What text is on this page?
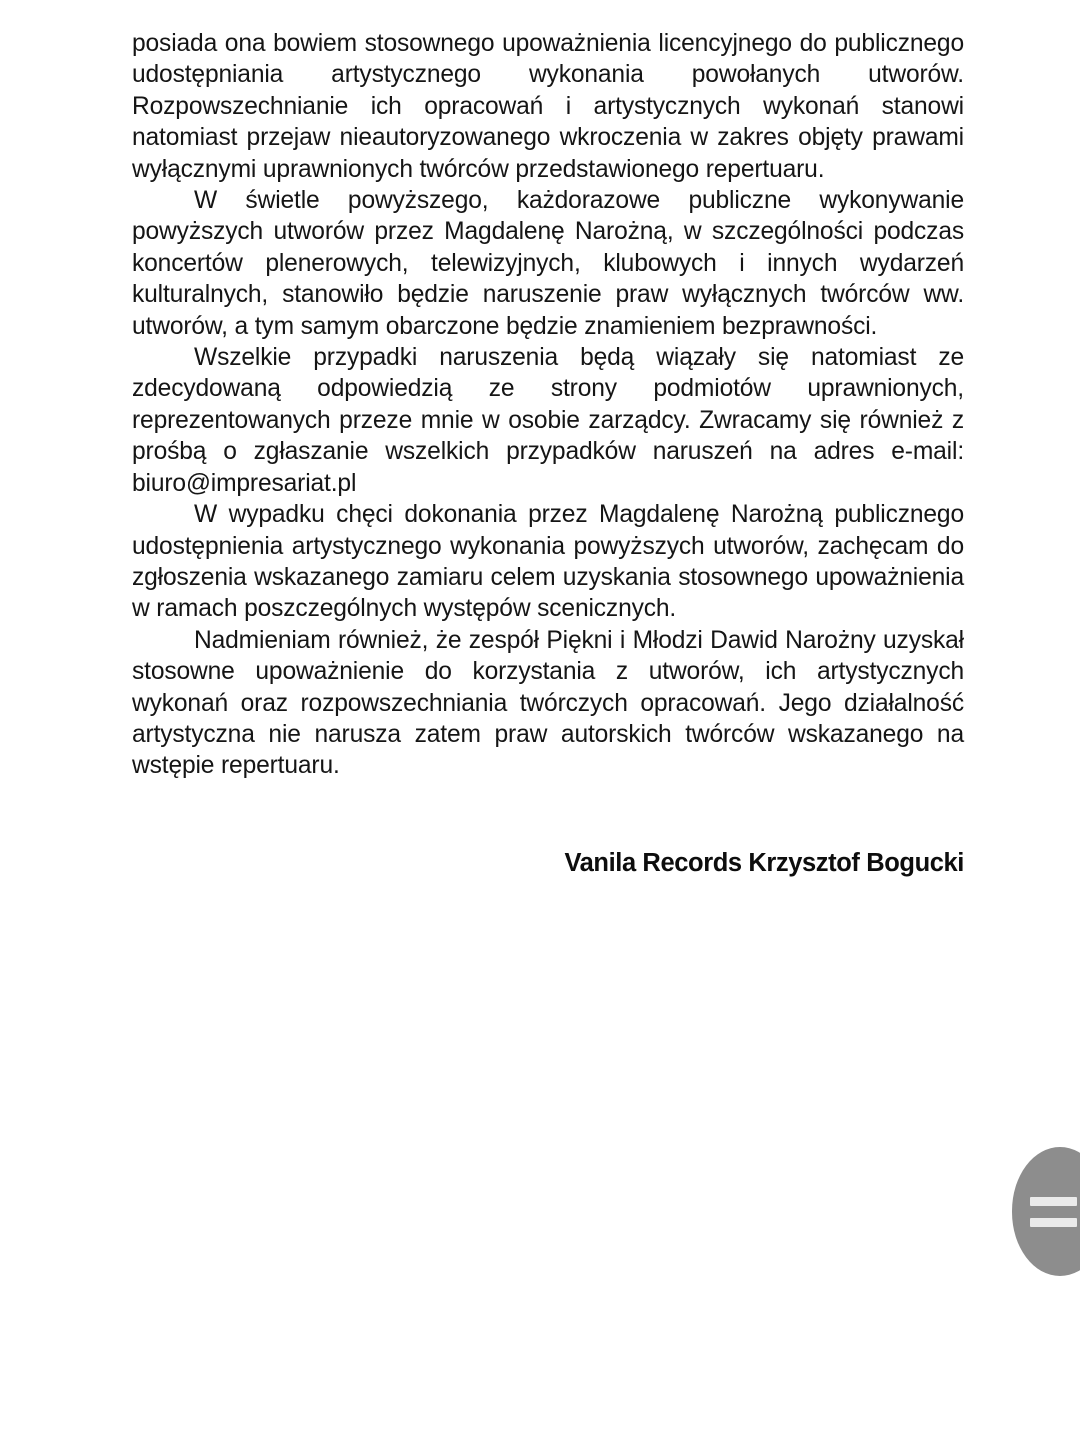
posiada ona bowiem stosownego upoważnienia licencyjnego do publicznego udostępniania artystycznego wykonania powołanych utworów. Rozpowszechnianie ich opracowań i artystycznych wykonań stanowi natomiast przejaw nieautoryzowanego wkroczenia w zakres objęty prawami wyłącznymi uprawnionych twórców przedstawionego repertuaru.

W świetle powyższego, każdorazowe publiczne wykonywanie powyższych utworów przez Magdalenę Narożną, w szczególności podczas koncertów plenerowych, telewizyjnych, klubowych i innych wydarzeń kulturalnych, stanowiło będzie naruszenie praw wyłącznych twórców ww. utworów, a tym samym obarczone będzie znamieniem bezprawności.

Wszelkie przypadki naruszenia będą wiązały się natomiast ze zdecydowaną odpowiedzią ze strony podmiotów uprawnionych, reprezentowanych przeze mnie w osobie zarządcy. Zwracamy się również z prośbą o zgłaszanie wszelkich przypadków naruszeń na adres e-mail: biuro@impresariat.pl

W wypadku chęci dokonania przez Magdalenę Narożną publicznego udostępnienia artystycznego wykonania powyższych utworów, zachęcam do zgłoszenia wskazanego zamiaru celem uzyskania stosownego upoważnienia w ramach poszczególnych występów scenicznych.

Nadmieniam również, że zespół Piękni i Młodzi Dawid Narożny uzyskał stosowne upoważnienie do korzystania z utworów, ich artystycznych wykonań oraz rozpowszechniania twórczych opracowań. Jego działalność artystyczna nie narusza zatem praw autorskich twórców wskazanego na wstępie repertuaru.

Vanila Records Krzysztof Bogucki
